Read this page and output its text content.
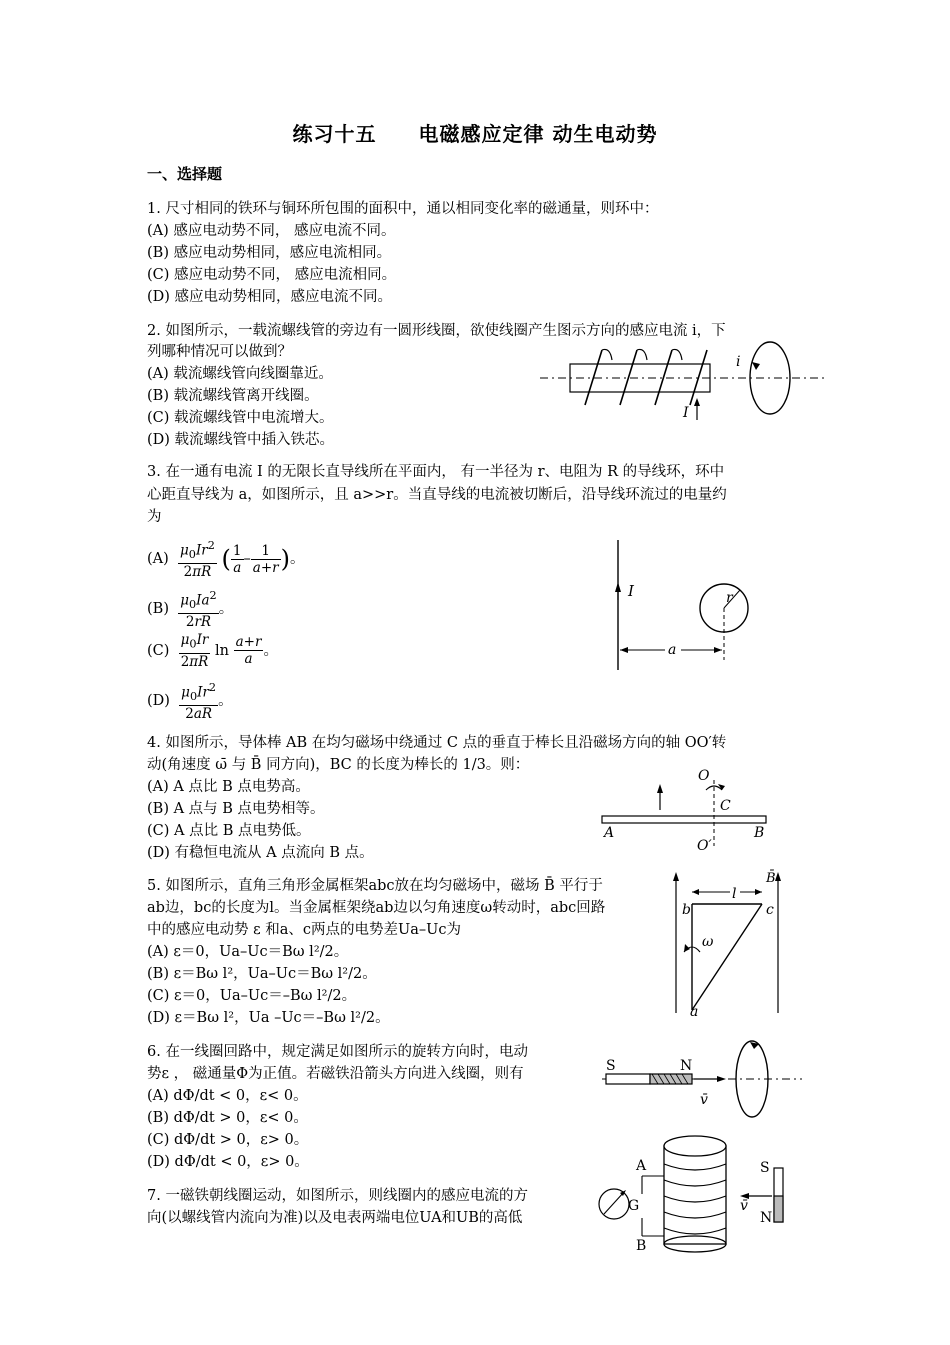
练习十五　　电磁感应定律 动生电动势
一、选择题
1. 尺寸相同的铁环与铜环所包围的面积中，通以相同变化率的磁通量，则环中：
(A) 感应电动势不同， 感应电流不同。
(B) 感应电动势相同，感应电流相同。
(C) 感应电动势不同， 感应电流相同。
(D) 感应电动势相同，感应电流不同。
2. 如图所示，一载流螺线管的旁边有一圆形线圈，欲使线圈产生图示方向的感应电流 i，下
列哪种情况可以做到？
(A) 载流螺线管向线圈靠近。
(B) 载流螺线管离开线圈。
(C) 载流螺线管中电流增大。
(D) 载流螺线管中插入铁芯。
I
i
3. 在一通有电流 I 的无限长直导线所在平面内， 有一半径为 r、电阻为 R 的导线环，环中
心距直导线为 a，如图所示，且 a>>r。当直导线的电流被切断后，沿导线环流过的电量约
为
$(A) \frac{\mu_0Ir^2}{2\pi R}$ ( $\frac{1}{a} - \frac{1}{a+r}$ )。
$(B) \frac{\mu_0Ia^2}{2rR}$ 。
$(C) \frac{\mu_0Ir}{2\pi R}$ $\ln \frac{a+r}{a}$ 。
$(D) \frac{\mu_0Ir^2}{2aR}$ 。
I	r
a
4. 如图所示，导体棒 AB 在均匀磁场中绕通过 C 点的垂直于棒长且沿磁场方向的轴 OO′转
动(角速度 ω̄ 与 B̄ 同方向)，BC 的长度为棒长的 1/3。则：
(A) A 点比 B 点电势高。
(B) A 点与 B 点电势相等。
(C) A 点比 B 点电势低。
(D) 有稳恒电流从 A 点流向 B 点。
O
C
A	B
O′
5. 如图所示，直角三角形金属框架abc放在均匀磁场中，磁场 B̄ 平行于
ab边，bc的长度为l。当金属框架绕ab边以匀角速度ω转动时，abc回路
中的感应电动势 ε 和a、c两点的电势差Ua–Uc为
(A) ε＝0，Ua–Uc＝Bω l²/2。
(B) ε＝Bω l²，Ua–Uc＝Bω l²/2。
(C) ε＝0，Ua–Uc＝–Bω l²/2。
(D) ε＝Bω l²，Ua –Uc＝–Bω l²/2。
l
B̄
b	c
ω
a
6. 在一线圈回路中，规定满足如图所示的旋转方向时，电动
势ε ， 磁通量Φ为正值。若磁铁沿箭头方向进入线圈，则有
(A) dΦ/dt < 0，ε< 0。
(B) dΦ/dt > 0，ε< 0。
(C) dΦ/dt > 0，ε> 0。
(D) dΦ/dt < 0，ε> 0。
S	N
v̄
7. 一磁铁朝线圈运动，如图所示，则线圈内的感应电流的方
向(以螺线管内流向为准)以及电表两端电位UA和UB的高低
G
A
B
S
N
v̄
